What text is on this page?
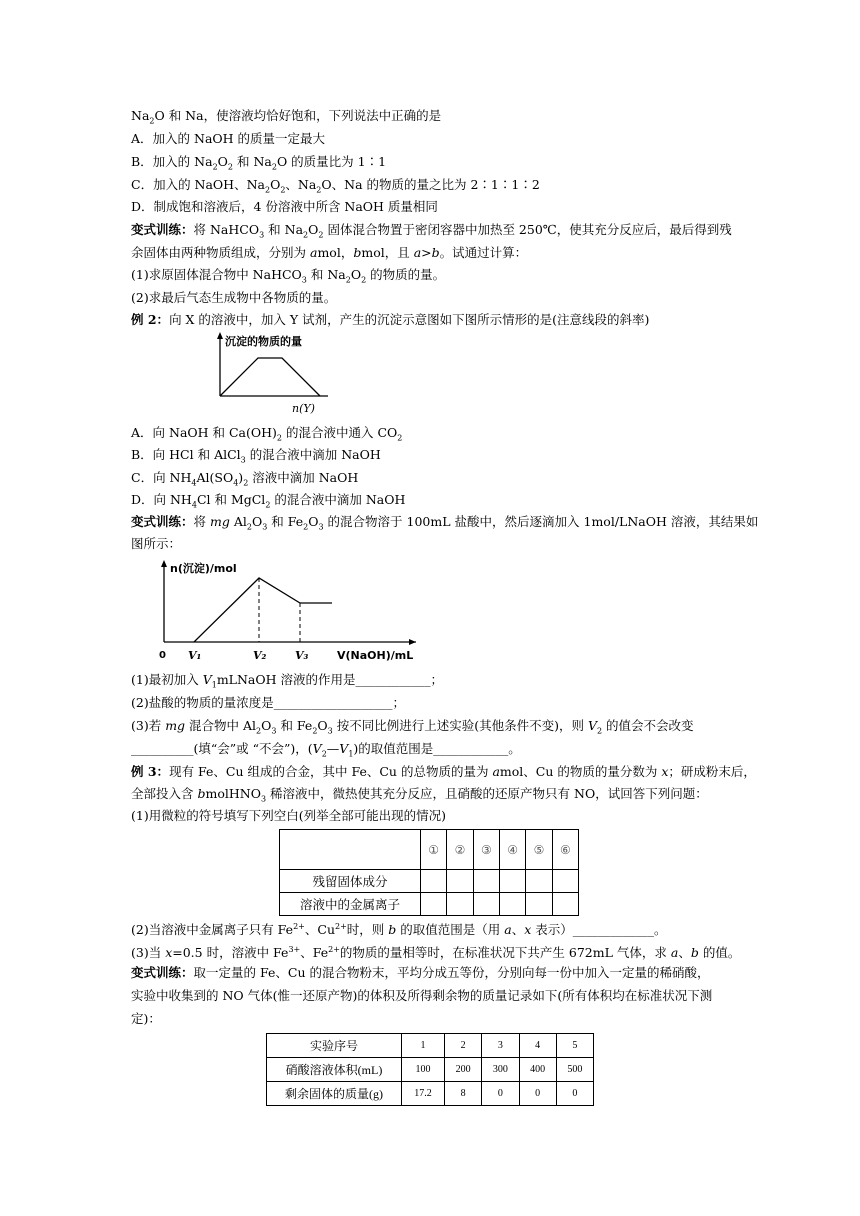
$Na_2O$ 和 Na，使溶液均恰好饱和，下列说法中正确的是
A．加入的 NaOH 的质量一定最大
B．加入的 $Na_2O_2$ 和 $Na_2O$ 的质量比为 1∶1
C．加入的 NaOH、$Na_2O_2$、$Na_2O$、Na 的物质的量之比为 2∶1∶1∶2
D．制成饱和溶液后，4 份溶液中所含 NaOH 质量相同
变式训练：将 NaHCO$_3$ 和 $Na_2O_2$ 固体混合物置于密闭容器中加热至 250℃，使其充分反应后，最后得到残
余固体由两种物质组成，分别为 amol，bmol，且 a>b。试通过计算：
(1)求原固体混合物中 NaHCO$_3$ 和 $Na_2O_2$ 的物质的量。
(2)求最后气态生成物中各物质的量。
例 2：向 X 的溶液中，加入 Y 试剂，产生的沉淀示意图如下图所示情形的是(注意线段的斜率)
沉淀的物质的量
n(Y)
A．向 NaOH 和 $Ca(OH)_2$ 的混合液中通入 $CO_2$
B．向 HCl 和 AlCl$_3$ 的混合液中滴加 NaOH
C．向 $NH_4Al(SO_4)_2$ 溶液中滴加 NaOH
D．向 $NH_4Cl$ 和 MgCl$_2$ 的混合液中滴加 NaOH
变式训练：将 mg $Al_2O_3$ 和 $Fe_2O_3$ 的混合物溶于 100mL 盐酸中，然后逐滴加入 1mol/LNaOH 溶液，其结果如
图所示：
n(沉淀)/mol
0 V₁	V₂	V₃	V(NaOH)/mL
(1)最初加入 $V_1mLNaOH$ 溶液的作用是____________；
(2)盐酸的物质的量浓度是___________________；
(3)若 mg 混合物中 $Al_2O_3$ 和 $Fe_2O_3$ 按不同比例进行上述实验(其他条件不变)，则 $V_2$ 的值会不会改变
__________(填“会”或 “不会”)，$(V_2—V_1)$的取值范围是____________。
例 3：现有 Fe、Cu 组成的合金，其中 Fe、Cu 的总物质的量为 amol、Cu 的物质的量分数为 x；研成粉末后，
全部投入含 bmolHNO$_3$ 稀溶液中，微热使其充分反应，且硝酸的还原产物只有 NO，试回答下列问题：
(1)用微粒的符号填写下列空白(列举全部可能出现的情况)
	①	②	③	④	⑤	⑥
残留固体成分						
溶液中的金属离子						
(2)当溶液中金属离子只有 $Fe^{2+}$、$Cu^{2+}$时，则 b 的取值范围是（用 a、x 表示）_____________。
(3)当 x=0.5 时，溶液中 $Fe^{3+}$、$Fe^{2+}$的物质的量相等时，在标准状况下共产生 672mL 气体，求 a、b 的值。
变式训练：取一定量的 Fe、Cu 的混合物粉末，平均分成五等份，分别向每一份中加入一定量的稀硝酸，
实验中收集到的 NO 气体(惟一还原产物)的体积及所得剩余物的质量记录如下(所有体积均在标准状况下测
定)：
实验序号	1	2	3	4	5
硝酸溶液体积(mL)	100	200	300	400	500
剩余固体的质量(g)	17.2	8	0	0	0
